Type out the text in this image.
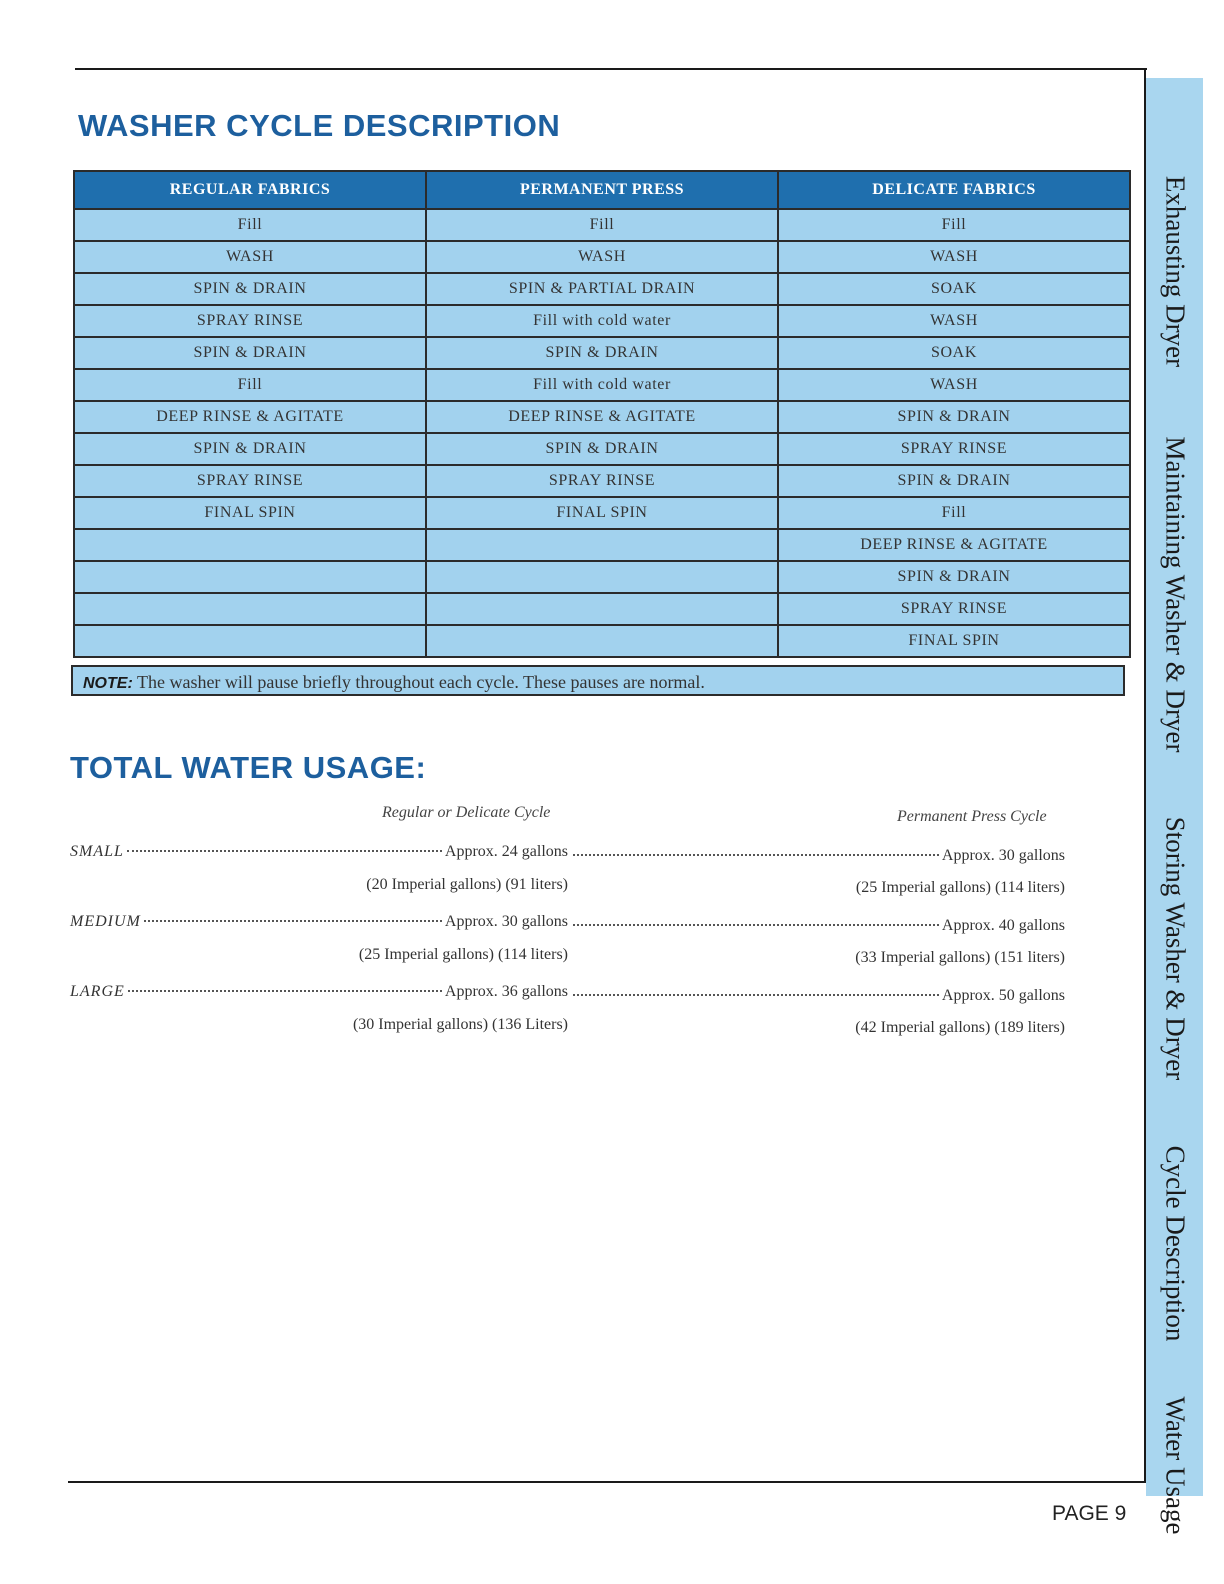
Exhausting Dryer
Maintaining Washer & Dryer
Storing Washer & Dryer
Cycle Description
Water Usage
WASHER CYCLE DESCRIPTION
REGULAR FABRICS	PERMANENT PRESS	DELICATE FABRICS
Fill	Fill	Fill
WASH	WASH	WASH
SPIN & DRAIN	SPIN & PARTIAL DRAIN	SOAK
SPRAY RINSE	Fill with cold water	WASH
SPIN & DRAIN	SPIN & DRAIN	SOAK
Fill	Fill with cold water	WASH
DEEP RINSE & AGITATE	DEEP RINSE & AGITATE	SPIN & DRAIN
SPIN & DRAIN	SPIN & DRAIN	SPRAY RINSE
SPRAY RINSE	SPRAY RINSE	SPIN & DRAIN
FINAL SPIN	FINAL SPIN	Fill
		DEEP RINSE & AGITATE
		SPIN & DRAIN
		SPRAY RINSE
		FINAL SPIN
NOTE: The washer will pause briefly throughout each cycle. These pauses are normal.
TOTAL WATER USAGE:
Regular or Delicate Cycle	Permanent Press Cycle
SMALL	Approx. 24 gallons	Approx. 30 gallons
(20 Imperial gallons) (91 liters)	(25 Imperial gallons) (114 liters)
MEDIUM	Approx. 30 gallons	Approx. 40 gallons
(25 Imperial gallons) (114 liters)	(33 Imperial gallons) (151 liters)
LARGE	Approx. 36 gallons	Approx. 50 gallons
(30 Imperial gallons) (136 Liters)	(42 Imperial gallons) (189 liters)
PAGE 9
